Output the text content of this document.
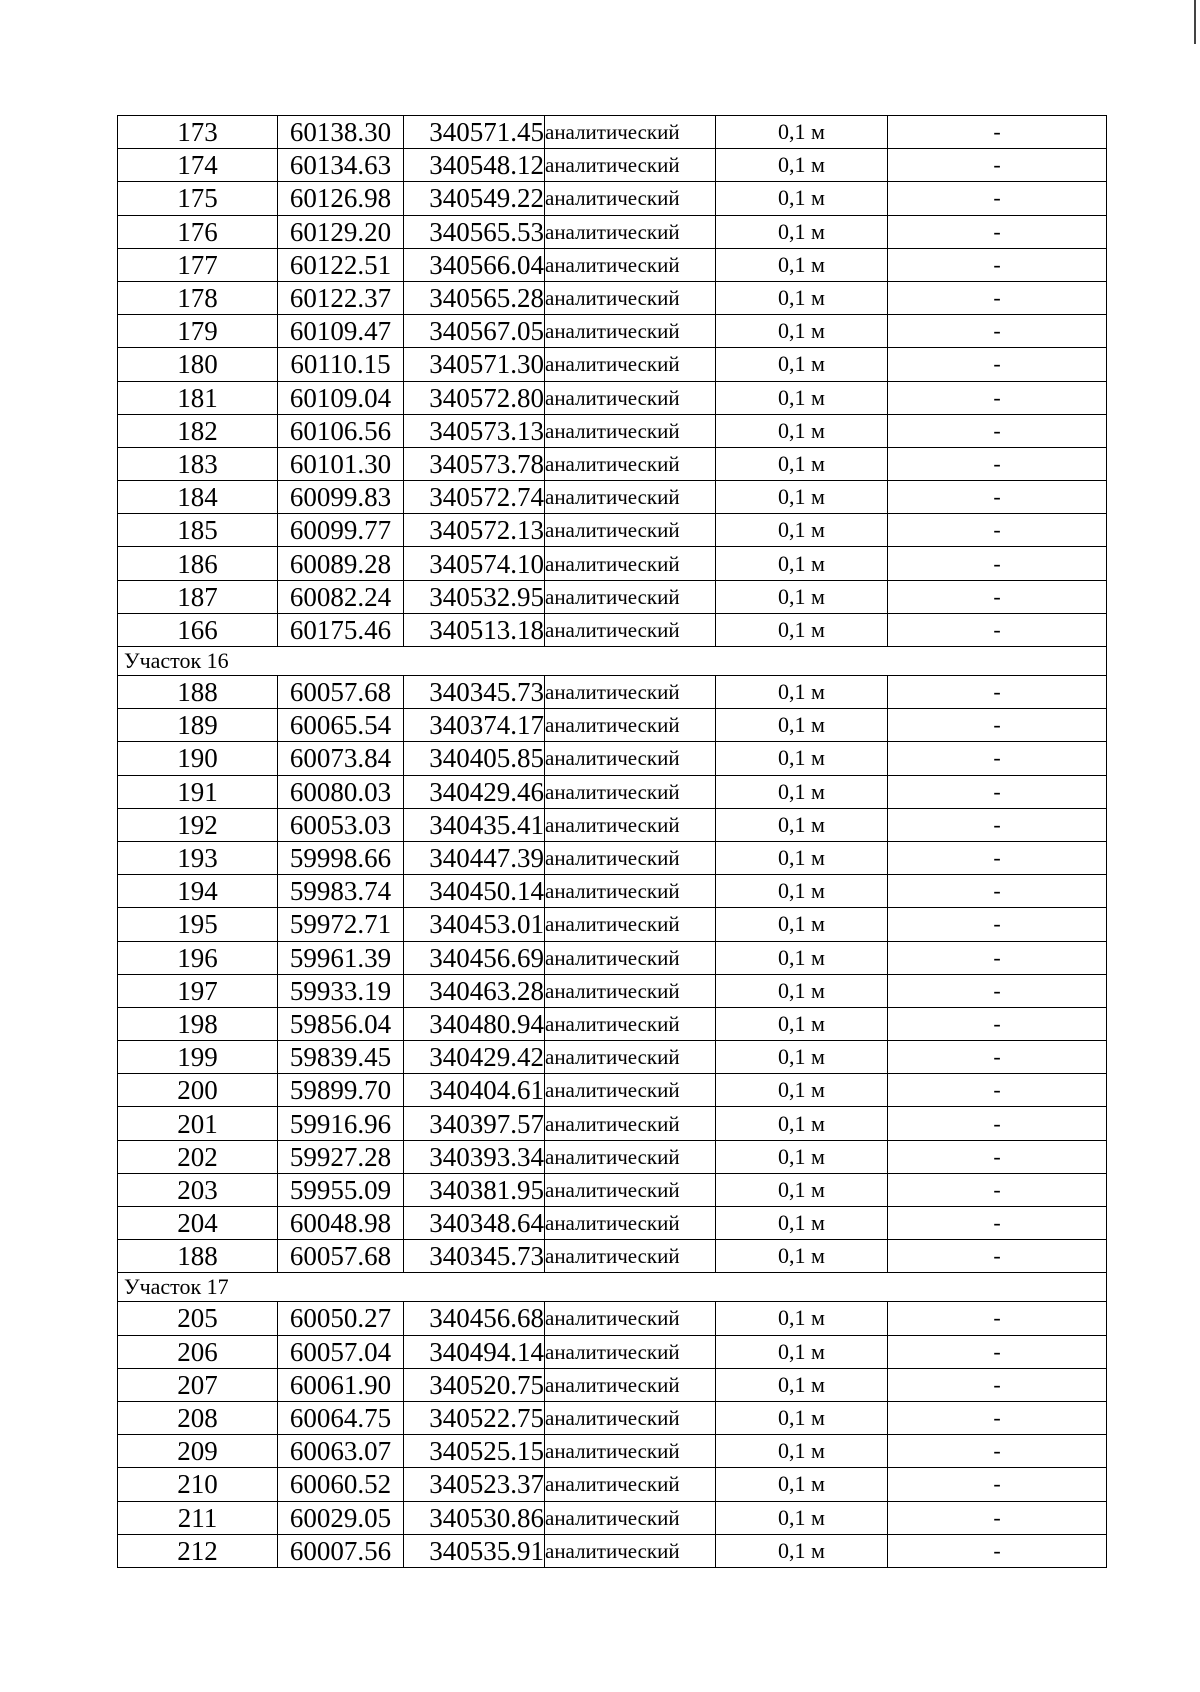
173	60138.30	340571.45	аналитический	0,1 м	-
174	60134.63	340548.12	аналитический	0,1 м	-
175	60126.98	340549.22	аналитический	0,1 м	-
176	60129.20	340565.53	аналитический	0,1 м	-
177	60122.51	340566.04	аналитический	0,1 м	-
178	60122.37	340565.28	аналитический	0,1 м	-
179	60109.47	340567.05	аналитический	0,1 м	-
180	60110.15	340571.30	аналитический	0,1 м	-
181	60109.04	340572.80	аналитический	0,1 м	-
182	60106.56	340573.13	аналитический	0,1 м	-
183	60101.30	340573.78	аналитический	0,1 м	-
184	60099.83	340572.74	аналитический	0,1 м	-
185	60099.77	340572.13	аналитический	0,1 м	-
186	60089.28	340574.10	аналитический	0,1 м	-
187	60082.24	340532.95	аналитический	0,1 м	-
166	60175.46	340513.18	аналитический	0,1 м	-
Участок 16					
188	60057.68	340345.73	аналитический	0,1 м	-
189	60065.54	340374.17	аналитический	0,1 м	-
190	60073.84	340405.85	аналитический	0,1 м	-
191	60080.03	340429.46	аналитический	0,1 м	-
192	60053.03	340435.41	аналитический	0,1 м	-
193	59998.66	340447.39	аналитический	0,1 м	-
194	59983.74	340450.14	аналитический	0,1 м	-
195	59972.71	340453.01	аналитический	0,1 м	-
196	59961.39	340456.69	аналитический	0,1 м	-
197	59933.19	340463.28	аналитический	0,1 м	-
198	59856.04	340480.94	аналитический	0,1 м	-
199	59839.45	340429.42	аналитический	0,1 м	-
200	59899.70	340404.61	аналитический	0,1 м	-
201	59916.96	340397.57	аналитический	0,1 м	-
202	59927.28	340393.34	аналитический	0,1 м	-
203	59955.09	340381.95	аналитический	0,1 м	-
204	60048.98	340348.64	аналитический	0,1 м	-
188	60057.68	340345.73	аналитический	0,1 м	-
Участок 17					
205	60050.27	340456.68	аналитический	0,1 м	-
206	60057.04	340494.14	аналитический	0,1 м	-
207	60061.90	340520.75	аналитический	0,1 м	-
208	60064.75	340522.75	аналитический	0,1 м	-
209	60063.07	340525.15	аналитический	0,1 м	-
210	60060.52	340523.37	аналитический	0,1 м	-
211	60029.05	340530.86	аналитический	0,1 м	-
212	60007.56	340535.91	аналитический	0,1 м	-
